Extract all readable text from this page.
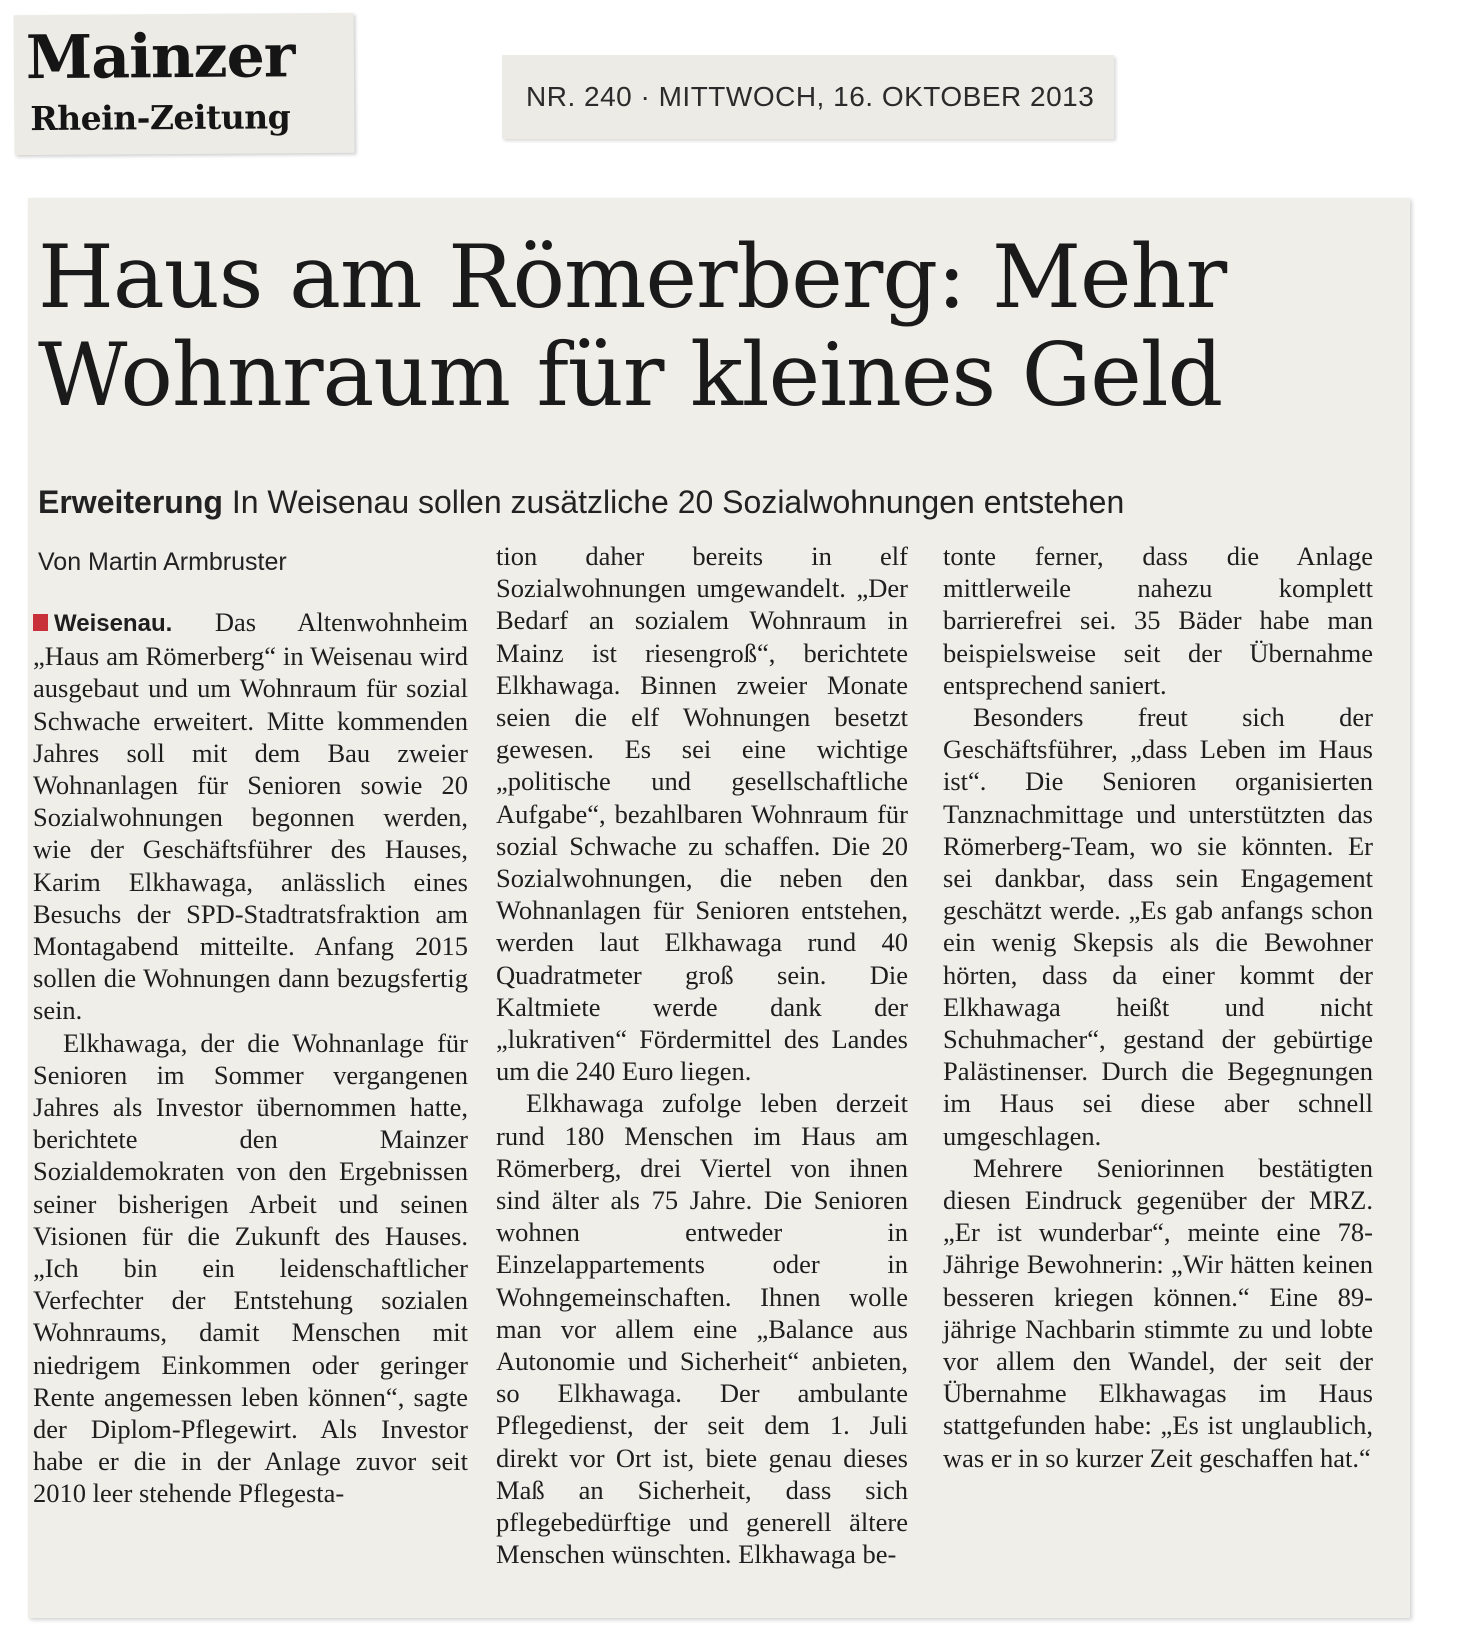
Mainzer
Rhein-Zeitung
NR. 240 · MITTWOCH, 16. OKTOBER 2013
Haus am Römerberg: Mehr
Wohnraum für kleines Geld
Erweiterung In Weisenau sollen zusätzliche 20 Sozialwohnungen entstehen
Von Martin Armbruster

Weisenau. Das Altenwohnheim „Haus am Römerberg“ in Weisenau wird ausgebaut und um Wohnraum für sozial Schwache erweitert. Mitte kommenden Jahres soll mit dem Bau zweier Wohnanlagen für Senioren sowie 20 Sozialwohnungen begonnen werden, wie der Geschäftsführer des Hauses, Karim Elkhawaga, anlässlich eines Besuchs der SPD-Stadtratsfraktion am Montagabend mitteilte. Anfang 2015 sollen die Wohnungen dann bezugsfertig sein.

Elkhawaga, der die Wohnanlage für Senioren im Sommer vergangenen Jahres als Investor übernommen hatte, berichtete den Mainzer Sozialdemokraten von den Ergebnissen seiner bisherigen Arbeit und seinen Visionen für die Zukunft des Hauses. „Ich bin ein leidenschaftlicher Verfechter der Entstehung sozialen Wohnraums, damit Menschen mit niedrigem Einkommen oder geringer Rente angemessen leben können“, sagte der Diplom-Pflegewirt. Als Investor habe er die in der Anlage zuvor seit 2010 leer stehende Pflegesta-

tion daher bereits in elf Sozialwohnungen umgewandelt. „Der Bedarf an sozialem Wohnraum in Mainz ist riesengroß“, berichtete Elkhawaga. Binnen zweier Monate seien die elf Wohnungen besetzt gewesen. Es sei eine wichtige „politische und gesellschaftliche Aufgabe“, bezahlbaren Wohnraum für sozial Schwache zu schaffen. Die 20 Sozialwohnungen, die neben den Wohnanlagen für Senioren entstehen, werden laut Elkhawaga rund 40 Quadratmeter groß sein. Die Kaltmiete werde dank der „lukrativen“ Fördermittel des Landes um die 240 Euro liegen.

Elkhawaga zufolge leben derzeit rund 180 Menschen im Haus am Römerberg, drei Viertel von ihnen sind älter als 75 Jahre. Die Senioren wohnen entweder in Einzelappartements oder in Wohngemeinschaften. Ihnen wolle man vor allem eine „Balance aus Autonomie und Sicherheit“ anbieten, so Elkhawaga. Der ambulante Pflegedienst, der seit dem 1. Juli direkt vor Ort ist, biete genau dieses Maß an Sicherheit, dass sich pflegebedürftige und generell ältere Menschen wünschten. Elkhawaga be-

tonte ferner, dass die Anlage mittlerweile nahezu komplett barrierefrei sei. 35 Bäder habe man beispielsweise seit der Übernahme entsprechend saniert.

Besonders freut sich der Geschäftsführer, „dass Leben im Haus ist“. Die Senioren organisierten Tanznachmittage und unterstützten das Römerberg-Team, wo sie könnten. Er sei dankbar, dass sein Engagement geschätzt werde. „Es gab anfangs schon ein wenig Skepsis als die Bewohner hörten, dass da einer kommt der Elkhawaga heißt und nicht Schuhmacher“, gestand der gebürtige Palästinenser. Durch die Begegnungen im Haus sei diese aber schnell umgeschlagen.

Mehrere Seniorinnen bestätigten diesen Eindruck gegenüber der MRZ. „Er ist wunderbar“, meinte eine 78-Jährige Bewohnerin: „Wir hätten keinen besseren kriegen können.“ Eine 89-jährige Nachbarin stimmte zu und lobte vor allem den Wandel, der seit der Übernahme Elkhawagas im Haus stattgefunden habe: „Es ist unglaublich, was er in so kurzer Zeit geschaffen hat.“
